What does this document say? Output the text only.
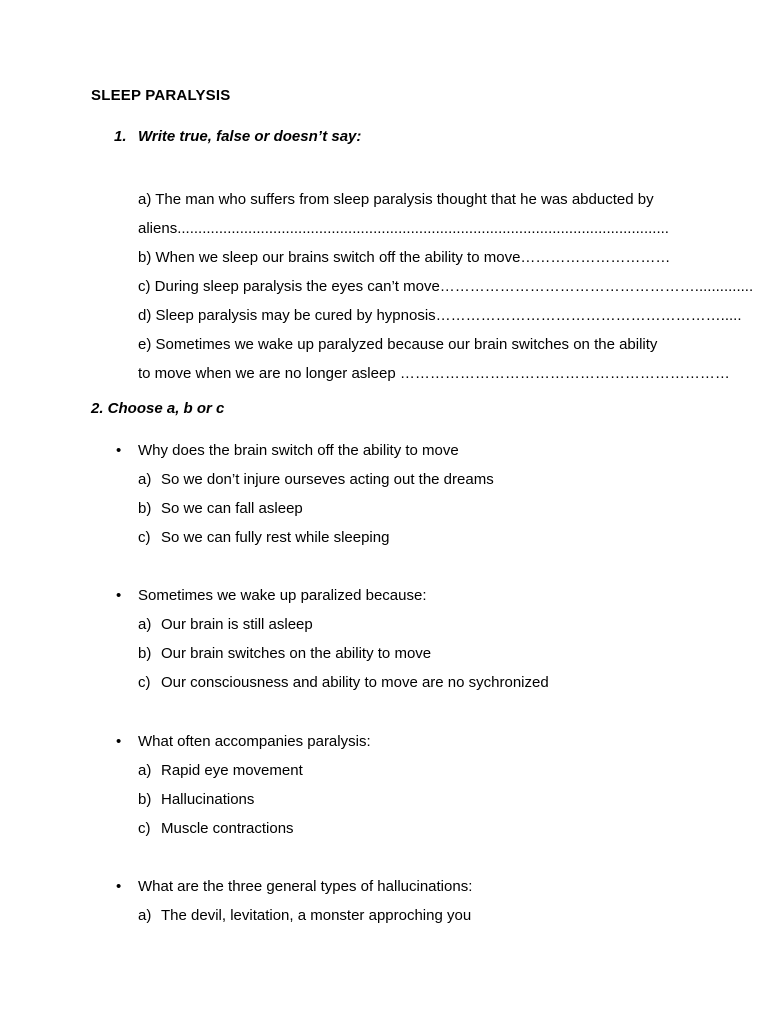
SLEEP PARALYSIS
1. Write true, false or doesn’t say:
a) The man who suffers from sleep paralysis thought that he was abducted by
aliens......................................................................................................................
b) When we sleep our brains switch off the ability to move…………………………
c) During sleep paralysis the eyes can’t move……………………………………………..............
d) Sleep paralysis may be cured by hypnosis………………………………………………….....
e) Sometimes we wake up paralyzed because our brain switches on the ability
to move when we are no longer asleep …………………………………………………………
2. Choose a, b or c
• Why does the brain switch off the ability to move
a) So we don’t injure ourseves acting out the dreams
b) So we can fall asleep
c) So we can fully rest while sleeping
• Sometimes we wake up paralized because:
a) Our brain is still asleep
b) Our brain switches on the ability to move
c) Our consciousness and ability to move are no sychronized
• What often accompanies paralysis:
a) Rapid eye movement
b) Hallucinations
c) Muscle contractions
• What are the three general types of hallucinations:
a) The devil, levitation, a monster approching you
